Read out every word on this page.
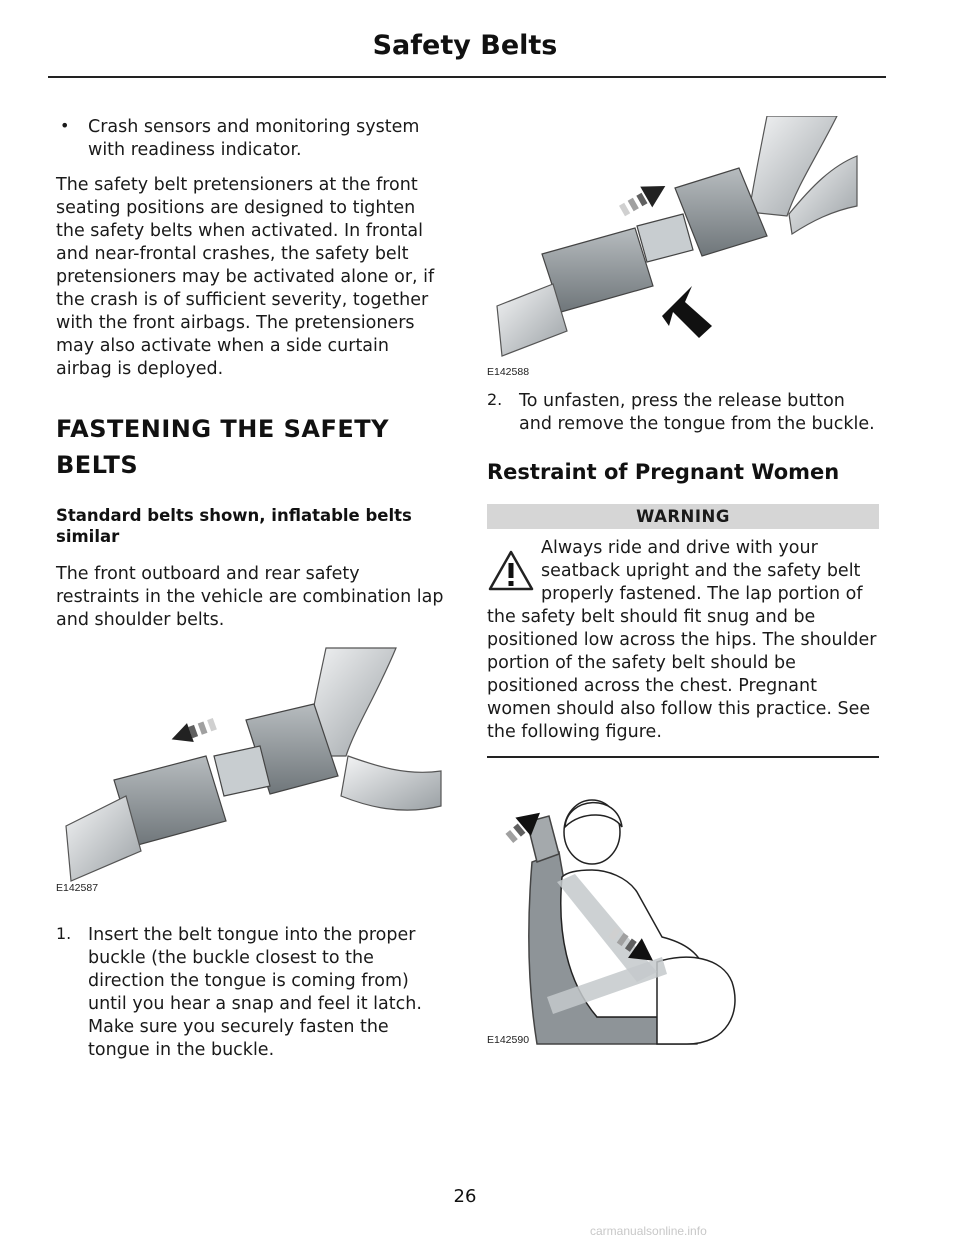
Safety Belts
• Crash sensors and monitoring system with readiness indicator.

The safety belt pretensioners at the front seating positions are designed to tighten the safety belts when activated. In frontal and near-frontal crashes, the safety belt pretensioners may be activated alone or, if the crash is of sufficient severity, together with the front airbags. The pretensioners may also activate when a side curtain airbag is deployed.

FASTENING THE SAFETY BELTS
Standard belts shown, inflatable belts similar

The front outboard and rear safety restraints in the vehicle are combination lap and shoulder belts.

E142587
1. Insert the belt tongue into the proper buckle (the buckle closest to the direction the tongue is coming from) until you hear a snap and feel it latch. Make sure you securely fasten the tongue in the buckle.

E142588
2. To unfasten, press the release button and remove the tongue from the buckle.

Restraint of Pregnant Women
WARNING

Always ride and drive with your seatback upright and the safety belt properly fastened. The lap portion of the safety belt should fit snug and be positioned low across the hips. The shoulder portion of the safety belt should be positioned across the chest. Pregnant women should also follow this practice. See the following figure.

E142590
26
carmanualsonline.info
